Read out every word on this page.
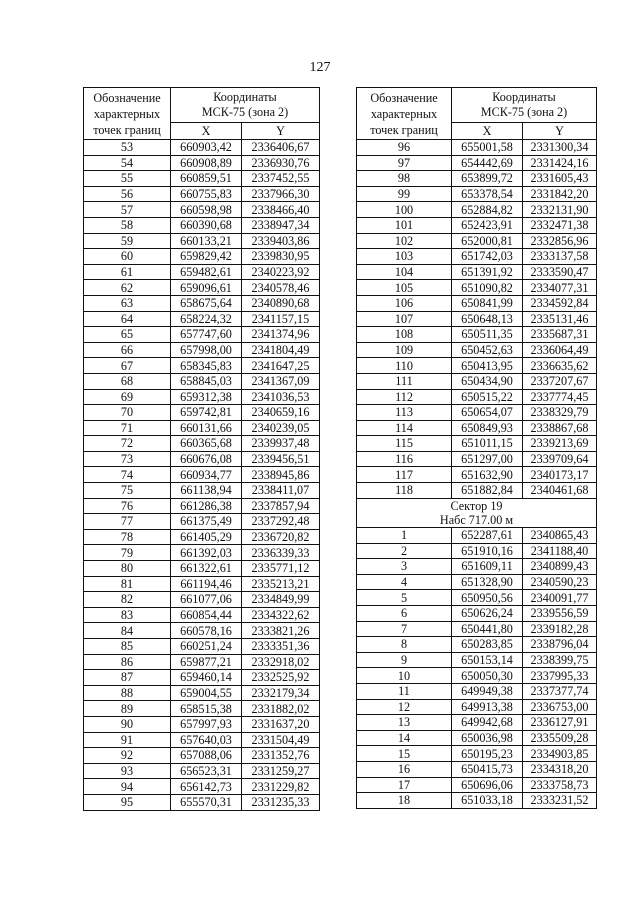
127
Обозначение
характерных
точек границ	Координаты
МСК-75 (зона 2)	
	X	Y
53	660903,42	2336406,67
54	660908,89	2336930,76
55	660859,51	2337452,55
56	660755,83	2337966,30
57	660598,98	2338466,40
58	660390,68	2338947,34
59	660133,21	2339403,86
60	659829,42	2339830,95
61	659482,61	2340223,92
62	659096,61	2340578,46
63	658675,64	2340890,68
64	658224,32	2341157,15
65	657747,60	2341374,96
66	657998,00	2341804,49
67	658345,83	2341647,25
68	658845,03	2341367,09
69	659312,38	2341036,53
70	659742,81	2340659,16
71	660131,66	2340239,05
72	660365,68	2339937,48
73	660676,08	2339456,51
74	660934,77	2338945,86
75	661138,94	2338411,07
76	661286,38	2337857,94
77	661375,49	2337292,48
78	661405,29	2336720,82
79	661392,03	2336339,33
80	661322,61	2335771,12
81	661194,46	2335213,21
82	661077,06	2334849,99
83	660854,44	2334322,62
84	660578,16	2333821,26
85	660251,24	2333351,36
86	659877,21	2332918,02
87	659460,14	2332525,92
88	659004,55	2332179,34
89	658515,38	2331882,02
90	657997,93	2331637,20
91	657640,03	2331504,49
92	657088,06	2331352,76
93	656523,31	2331259,27
94	656142,73	2331229,82
95	655570,31	2331235,33
Обозначение
характерных
точек границ	Координаты
МСК-75 (зона 2)	
	X	Y
96	655001,58	2331300,34
97	654442,69	2331424,16
98	653899,72	2331605,43
99	653378,54	2331842,20
100	652884,82	2332131,90
101	652423,91	2332471,38
102	652000,81	2332856,96
103	651742,03	2333137,58
104	651391,92	2333590,47
105	651090,82	2334077,31
106	650841,99	2334592,84
107	650648,13	2335131,46
108	650511,35	2335687,31
109	650452,63	2336064,49
110	650413,95	2336635,62
111	650434,90	2337207,67
112	650515,22	2337774,45
113	650654,07	2338329,79
114	650849,93	2338867,68
115	651011,15	2339213,69
116	651297,00	2339709,64
117	651632,90	2340173,17
118	651882,84	2340461,68
Сектор 19
Набс 717.00 м		
1	652287,61	2340865,43
2	651910,16	2341188,40
3	651609,11	2340899,43
4	651328,90	2340590,23
5	650950,56	2340091,77
6	650626,24	2339556,59
7	650441,80	2339182,28
8	650283,85	2338796,04
9	650153,14	2338399,75
10	650050,30	2337995,33
11	649949,38	2337377,74
12	649913,38	2336753,00
13	649942,68	2336127,91
14	650036,98	2335509,28
15	650195,23	2334903,85
16	650415,73	2334318,20
17	650696,06	2333758,73
18	651033,18	2333231,52
